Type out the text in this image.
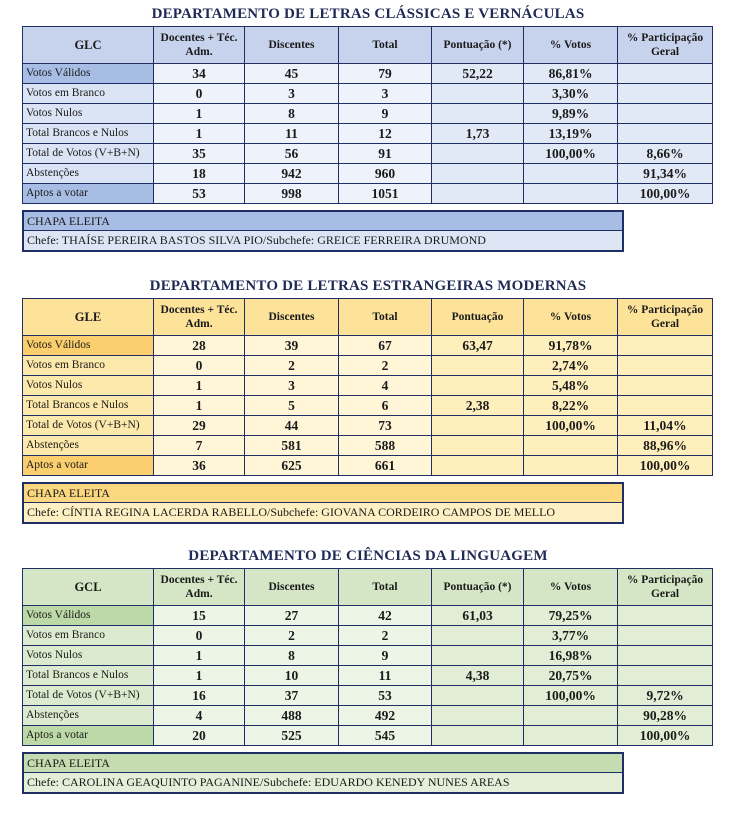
DEPARTAMENTO DE LETRAS CLÁSSICAS E VERNÁCULAS
GLC	Docentes + Téc. Adm.	Discentes	Total	Pontuação (*)	% Votos	% Participação Geral
Votos Válidos	34	45	79	52,22	86,81%	
Votos em Branco	0	3	3		3,30%	
Votos Nulos	1	8	9		9,89%	
Total Brancos e Nulos	1	11	12	1,73	13,19%	
Total de Votos (V+B+N)	35	56	91		100,00%	8,66%
Abstenções	18	942	960			91,34%
Aptos a votar	53	998	1051			100,00%
CHAPA ELEITA
Chefe: THAÍSE PEREIRA BASTOS SILVA PIO/Subchefe: GREICE FERREIRA DRUMOND
DEPARTAMENTO DE LETRAS ESTRANGEIRAS MODERNAS
GLE	Docentes + Téc. Adm.	Discentes	Total	Pontuação	% Votos	% Participação Geral
Votos Válidos	28	39	67	63,47	91,78%	
Votos em Branco	0	2	2		2,74%	
Votos Nulos	1	3	4		5,48%	
Total Brancos e Nulos	1	5	6	2,38	8,22%	
Total de Votos (V+B+N)	29	44	73		100,00%	11,04%
Abstenções	7	581	588			88,96%
Aptos a votar	36	625	661			100,00%
CHAPA ELEITA
Chefe: CÍNTIA REGINA LACERDA RABELLO/Subchefe: GIOVANA CORDEIRO CAMPOS DE MELLO
DEPARTAMENTO DE CIÊNCIAS DA LINGUAGEM
GCL	Docentes + Téc. Adm.	Discentes	Total	Pontuação (*)	% Votos	% Participação Geral
Votos Válidos	15	27	42	61,03	79,25%	
Votos em Branco	0	2	2		3,77%	
Votos Nulos	1	8	9		16,98%	
Total Brancos e Nulos	1	10	11	4,38	20,75%	
Total de Votos (V+B+N)	16	37	53		100,00%	9,72%
Abstenções	4	488	492			90,28%
Aptos a votar	20	525	545			100,00%
CHAPA ELEITA
Chefe: CAROLINA GEAQUINTO PAGANINE/Subchefe: EDUARDO KENEDY NUNES AREAS
